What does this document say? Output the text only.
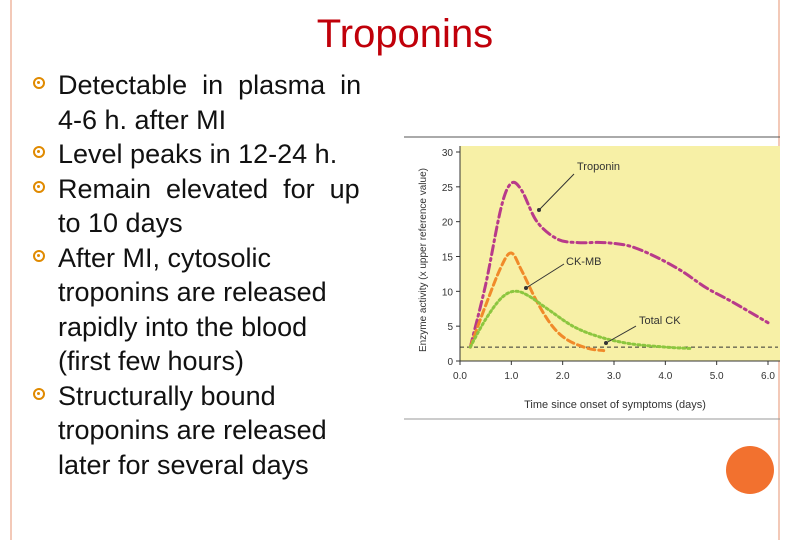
Troponins
Detectable  in  plasma  in
4-6 h. after MI
Level peaks in 12-24 h.
Remain  elevated  for  up
to 10 days
After MI, cytosolic
troponins are released
rapidly into the blood
(first few hours)
Structurally bound
troponins are released
later for several days
0
5
10
15
20
25
30
0.0	1.0	2.0	3.0	4.0	5.0	6.0
Troponin
CK-MB
Total CK
Time since onset of symptoms (days)
Enzyme activity (x upper reference value)
